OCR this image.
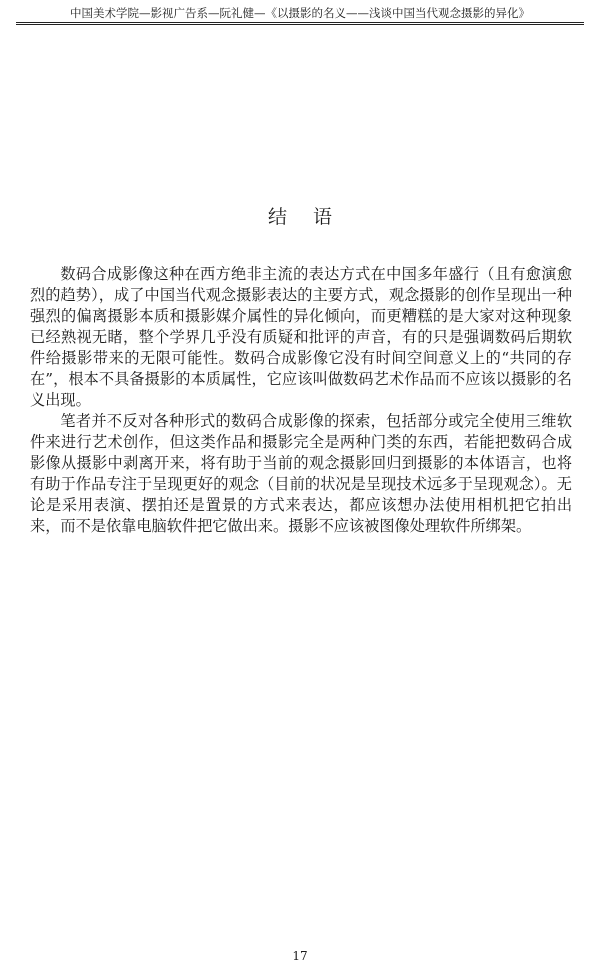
中国美术学院—影视广告系—阮礼健—《以摄影的名义——浅谈中国当代观念摄影的异化》
结语

数码合成影像这种在西方绝非主流的表达方式在中国多年盛行（且有愈演愈烈的趋势），成了中国当代观念摄影表达的主要方式，观念摄影的创作呈现出一种强烈的偏离摄影本质和摄影媒介属性的异化倾向，而更糟糕的是大家对这种现象已经熟视无睹，整个学界几乎没有质疑和批评的声音，有的只是强调数码后期软件给摄影带来的无限可能性。数码合成影像它没有时间空间意义上的“共同的存在”，根本不具备摄影的本质属性，它应该叫做数码艺术作品而不应该以摄影的名义出现。

笔者并不反对各种形式的数码合成影像的探索，包括部分或完全使用三维软件来进行艺术创作，但这类作品和摄影完全是两种门类的东西，若能把数码合成影像从摄影中剥离开来，将有助于当前的观念摄影回归到摄影的本体语言，也将有助于作品专注于呈现更好的观念（目前的状况是呈现技术远多于呈现观念）。无论是采用表演、摆拍还是置景的方式来表达，都应该想办法使用相机把它拍出来，而不是依靠电脑软件把它做出来。摄影不应该被图像处理软件所绑架。

17
